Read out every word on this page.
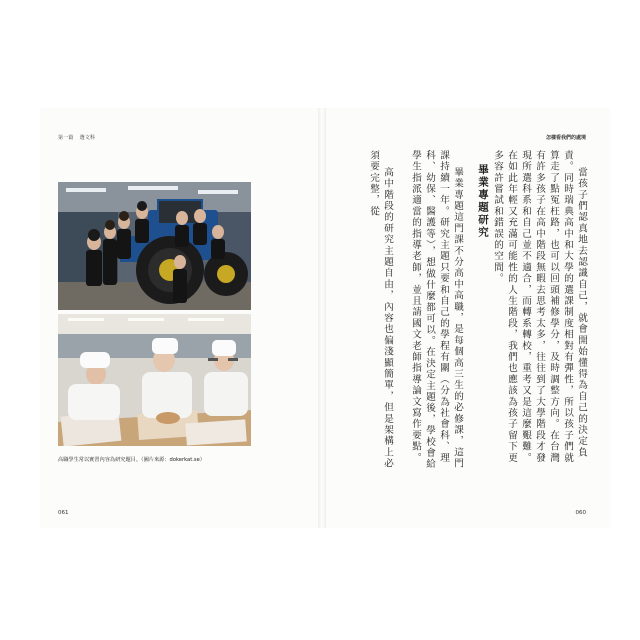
第一篇 選文科	怎樣看我們的處境
高職學生常以實習內容為研究題目。（圖片來源：dokerkat.se）
061	060

當孩子們認真地去認識自己，就會開始懂得為自己的決定負責。同時瑞典高中和大學的選課制度相對有彈性，所以孩子們就算走了點冤枉路，也可以回頭補修學分，及時調整方向。在台灣有許多孩子在高中階段無暇去思考太多，往往到了大學階段才發現所選科系和自己並不適合，而轉系轉校，重考又是這麼艱難。在如此年輕又充滿可能性的人生階段，我們也應該為孩子留下更多容許嘗試和錯誤的空間。

畢業專題研究

畢業專題這門課不分高中高職，是每個高三生的必修課，這門課持續一年。研究主題只要和自己的學程有關（分為社會科、理科、幼保、醫護等），想做什麼都可以。在決定主題後，學校會給學生指派適當的指導老師，並且請國文老師指導論文寫作要點。

高中階段的研究主題自由，內容也偏淺顯簡單，但是架構上必須要完整，從
